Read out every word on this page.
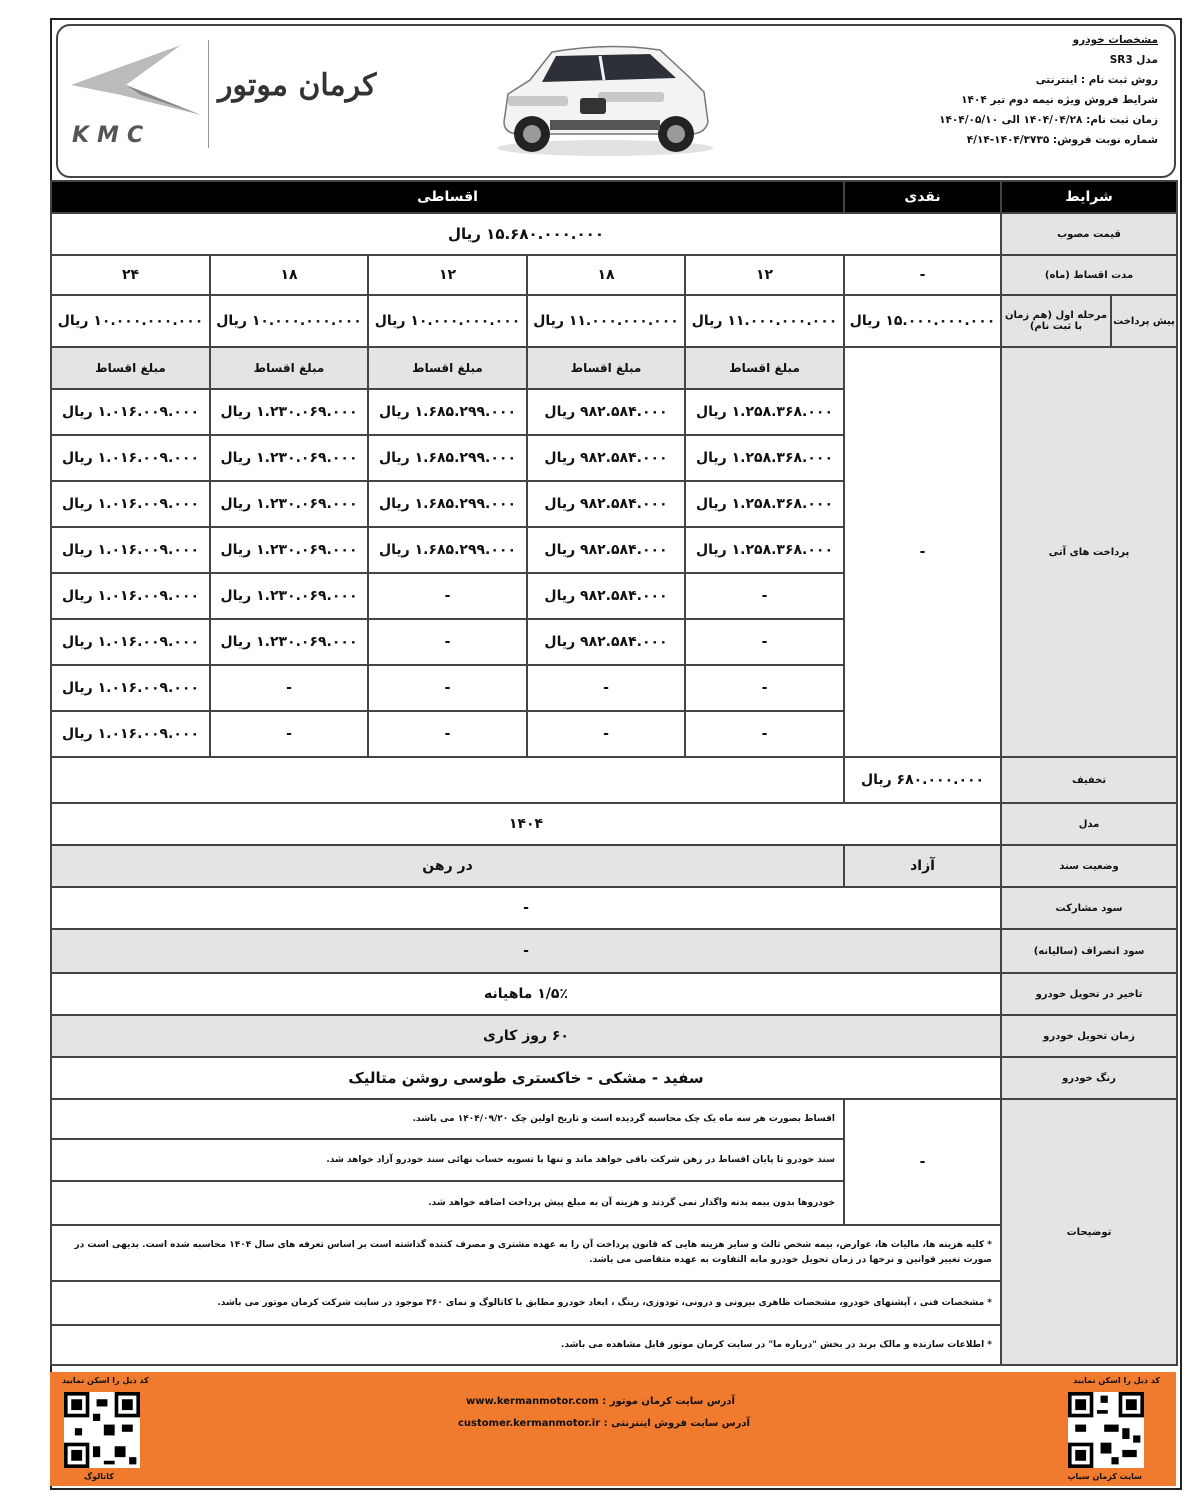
KMC
کرمان موتور
مشخصات خودرو
مدل SR3
روش ثبت نام : اینترنتی
شرایط فروش ویژه نیمه دوم تیر ۱۴۰۴
زمان ثبت نام: ۱۴۰۴/۰۴/۲۸ الی ۱۴۰۴/۰۵/۱۰
شماره نوبت فروش: ۱۴۰۴/۳۷۳۵-۴/۱۴
اقساطی					نقدی	شرایط	
۱۵.۶۸۰.۰۰۰.۰۰۰ ریال						قیمت مصوب	
۲۴	۱۸	۱۲	۱۸	۱۲	-	مدت اقساط (ماه)	
۱۰.۰۰۰.۰۰۰.۰۰۰ ریال	۱۰.۰۰۰.۰۰۰.۰۰۰ ریال	۱۰.۰۰۰.۰۰۰.۰۰۰ ریال	۱۱.۰۰۰.۰۰۰.۰۰۰ ریال	۱۱.۰۰۰.۰۰۰.۰۰۰ ریال	۱۵.۰۰۰.۰۰۰.۰۰۰ ریال	مرحله اول (هم زمان با ثبت نام)	پیش پرداخت
مبلغ اقساط	مبلغ اقساط	مبلغ اقساط	مبلغ اقساط	مبلغ اقساط	-	پرداخت های آتی	
۱.۰۱۶.۰۰۹.۰۰۰ ریال	۱.۲۳۰.۰۶۹.۰۰۰ ریال	۱.۶۸۵.۲۹۹.۰۰۰ ریال	۹۸۲.۵۸۴.۰۰۰ ریال	۱.۲۵۸.۳۶۸.۰۰۰ ریال			
۱.۰۱۶.۰۰۹.۰۰۰ ریال	۱.۲۳۰.۰۶۹.۰۰۰ ریال	۱.۶۸۵.۲۹۹.۰۰۰ ریال	۹۸۲.۵۸۴.۰۰۰ ریال	۱.۲۵۸.۳۶۸.۰۰۰ ریال			
۱.۰۱۶.۰۰۹.۰۰۰ ریال	۱.۲۳۰.۰۶۹.۰۰۰ ریال	۱.۶۸۵.۲۹۹.۰۰۰ ریال	۹۸۲.۵۸۴.۰۰۰ ریال	۱.۲۵۸.۳۶۸.۰۰۰ ریال			
۱.۰۱۶.۰۰۹.۰۰۰ ریال	۱.۲۳۰.۰۶۹.۰۰۰ ریال	۱.۶۸۵.۲۹۹.۰۰۰ ریال	۹۸۲.۵۸۴.۰۰۰ ریال	۱.۲۵۸.۳۶۸.۰۰۰ ریال			
۱.۰۱۶.۰۰۹.۰۰۰ ریال	۱.۲۳۰.۰۶۹.۰۰۰ ریال	-	۹۸۲.۵۸۴.۰۰۰ ریال	-			
۱.۰۱۶.۰۰۹.۰۰۰ ریال	۱.۲۳۰.۰۶۹.۰۰۰ ریال	-	۹۸۲.۵۸۴.۰۰۰ ریال	-			
۱.۰۱۶.۰۰۹.۰۰۰ ریال	-	-	-	-			
۱.۰۱۶.۰۰۹.۰۰۰ ریال	-	-	-	-			
					۶۸۰.۰۰۰.۰۰۰ ریال	تخفیف	
۱۴۰۴						مدل	
در رهن					آزاد	وضعیت سند	
-						سود مشارکت	
-						سود انصراف (سالیانه)	
۱/۵٪ ماهیانه						تاخیر در تحویل خودرو	
۶۰ روز کاری						زمان تحویل خودرو	
سفید - مشکی - خاکستری طوسی روشن متالیک						رنگ خودرو	
اقساط بصورت هر سه ماه یک چک محاسبه گردیده است و تاریخ اولین چک ۱۴۰۴/۰۹/۲۰ می باشد.					-	توضیحات	
سند خودرو تا پایان اقساط در رهن شرکت باقی خواهد ماند و تنها با تسویه حساب نهائی سند خودرو آزاد خواهد شد.							
خودروها بدون بیمه بدنه واگذار نمی گردند و هزینه آن به مبلغ پیش پرداخت اضافه خواهد شد.							
* کلیه هزینه ها، مالیات ها، عوارض، بیمه شخص ثالث و سایر هزینه هایی که قانون پرداخت آن را به عهده مشتری و مصرف کننده گذاشته است بر اساس تعرفه های سال ۱۴۰۴ محاسبه شده است. بدیهی است در صورت تغییر قوانین و نرخها در زمان تحویل خودرو مابه التفاوت به عهده متقاضی می باشد.							
* مشخصات فنی ، آپشنهای خودرو، مشخصات ظاهری بیرونی و درونی، تودوزی، رینگ ، ابعاد خودرو مطابق با کاتالوگ و نمای ۳۶۰ موجود در سایت شرکت کرمان موتور می باشد.							
* اطلاعات سازنده و مالک برند در بخش "درباره ما" در سایت کرمان موتور قابل مشاهده می باشد.							
کد ذیل را اسکن نمایید
سایت کرمان سیاپ
آدرس سایت کرمان موتور : www.kermanmotor.com
آدرس سایت فروش اینترنتی : customer.kermanmotor.ir
کد ذیل را اسکن نمایید
کاتالوگ
